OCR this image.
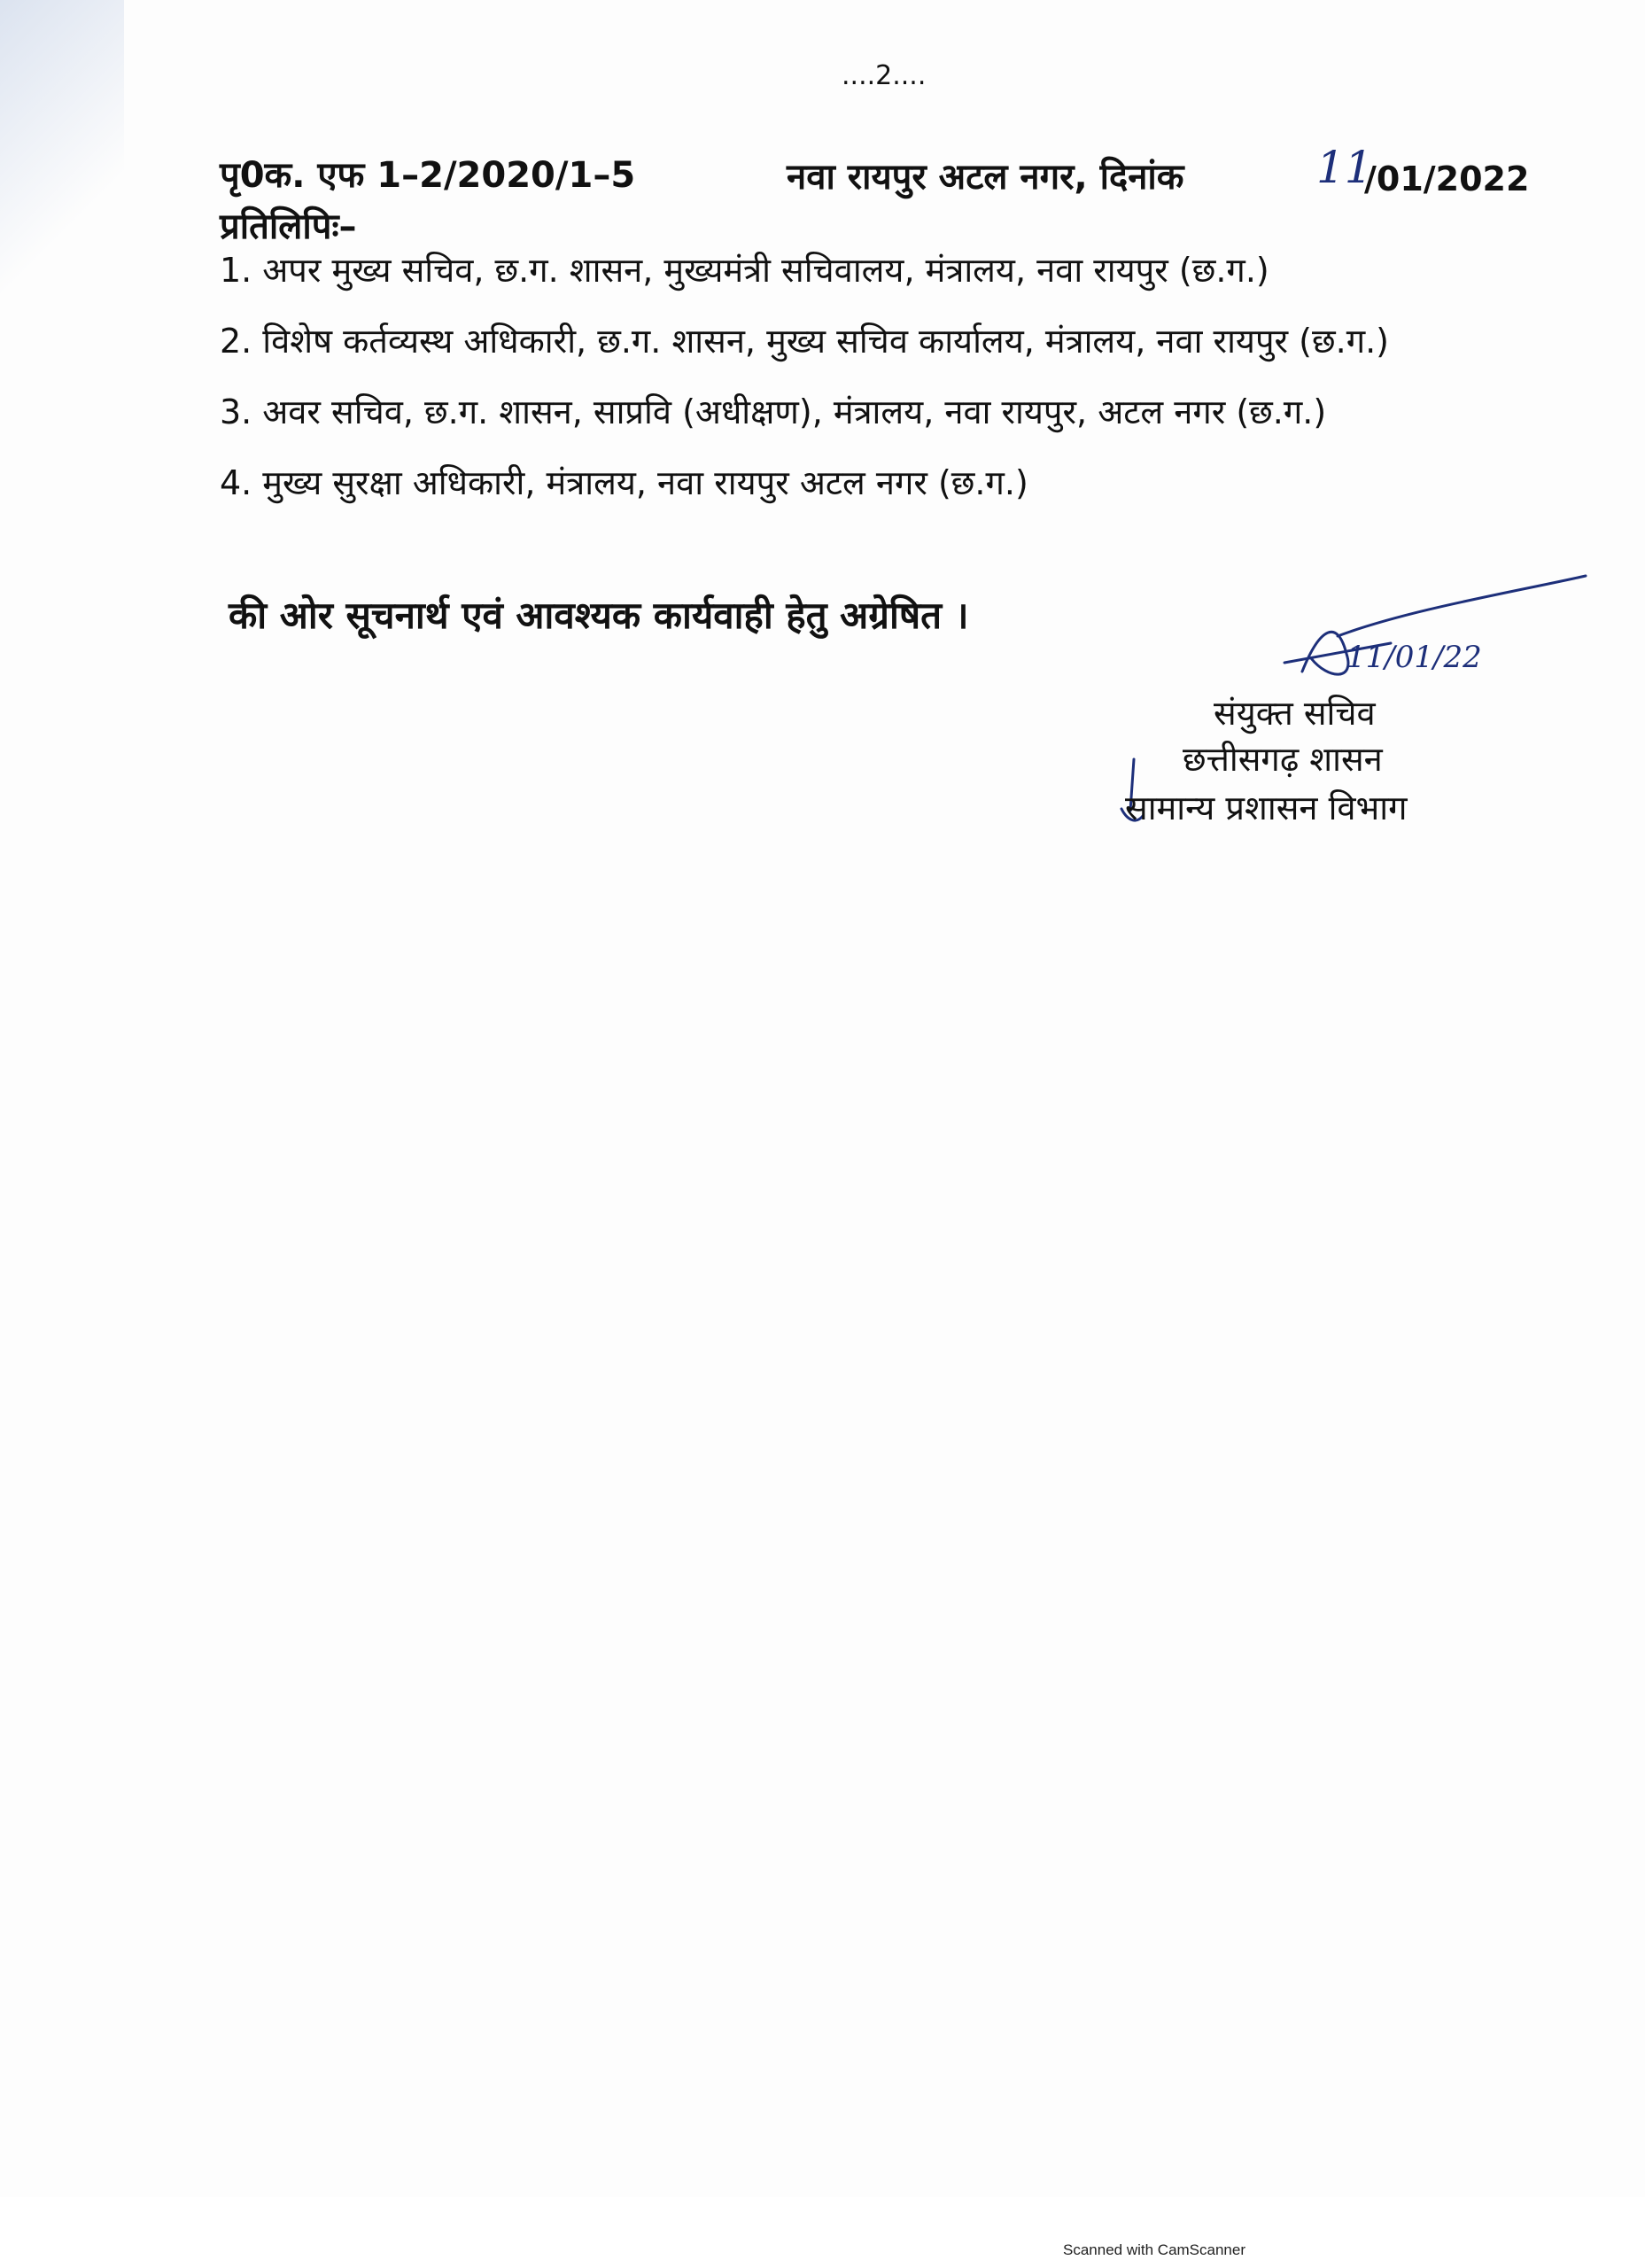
....2....
पृ0क. एफ 1–2/2020/1–5	नवा रायपुर अटल नगर, दिनांक	11
/01/2022
प्रतिलिपिः–
1. अपर मुख्य सचिव, छ.ग. शासन, मुख्यमंत्री सचिवालय, मंत्रालय, नवा रायपुर (छ.ग.)
2. विशेष कर्तव्यस्थ अधिकारी, छ.ग. शासन, मुख्य सचिव कार्यालय, मंत्रालय, नवा रायपुर (छ.ग.)
3. अवर सचिव, छ.ग. शासन, साप्रवि (अधीक्षण), मंत्रालय, नवा रायपुर, अटल नगर (छ.ग.)
4. मुख्य सुरक्षा अधिकारी, मंत्रालय, नवा रायपुर अटल नगर (छ.ग.)
की ओर सूचनार्थ एवं आवश्यक कार्यवाही हेतु अग्रेषित ।
11/01/22
संयुक्त सचिव
छत्तीसगढ़ शासन
सामान्य प्रशासन विभाग
Scanned with CamScanner
